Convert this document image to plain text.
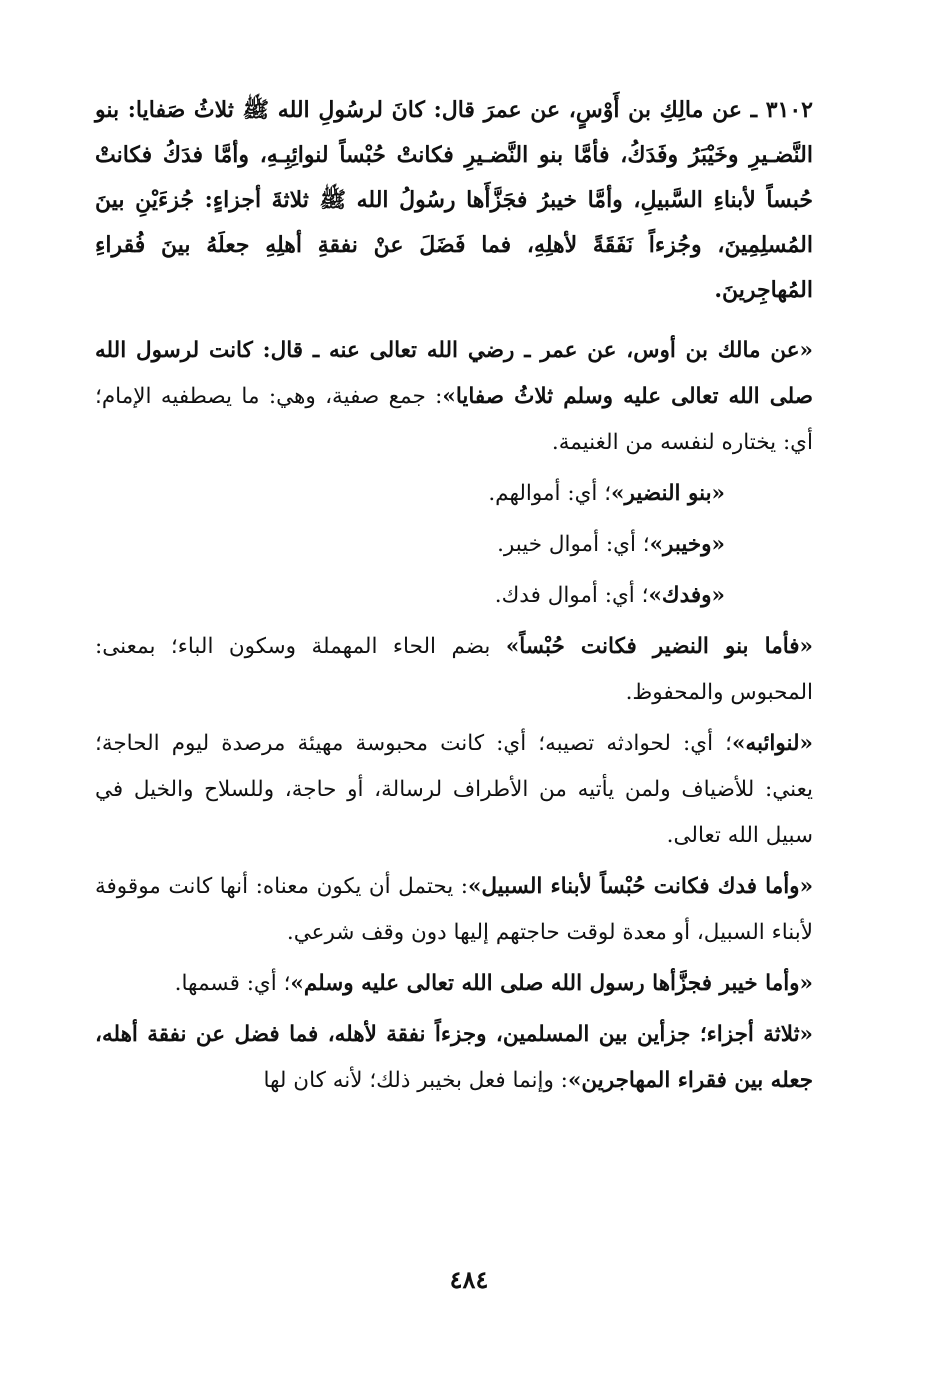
٣١٠٢ ـ عن مالِكِ بن أَوْسٍ، عن عمرَ قال: كانَ لرسُولِ الله ﷺ ثلاثُ صَفايا: بنو النَّضـيرِ وخَيْبَرُ وفَدَكُ، فأمَّا بنو النَّضـيرِ فكانتْ حُبْساً لنوائِبِـهِ، وأمَّا فدَكُ فكانتْ حُبساً لأبناءِ السَّبيلِ، وأمَّا خيبرُ فجَزَّأَها رسُولُ الله ﷺ ثلاثةَ أجزاءٍ: جُزءَيْنِ بينَ المُسلِمِينَ، وجُزءاً نَفَقَةً لأهلِهِ، فما فَضَلَ عنْ نفقةِ أهلِهِ جعلَهُ بينَ فُقراءِ المُهاجِرينَ.

«عن مالك بن أوس، عن عمر ـ رضي الله تعالى عنه ـ قال: كانت لرسول الله صلى الله تعالى عليه وسلم ثلاثُ صفايا»: جمع صفية، وهي: ما يصطفيه الإمام؛ أي: يختاره لنفسه من الغنيمة.

«بنو النضير»؛ أي: أموالهم.

«وخيبر»؛ أي: أموال خيبر.

«وفدك»؛ أي: أموال فدك.

«فأما بنو النضير فكانت حُبْساً» بضم الحاء المهملة وسكون الباء؛ بمعنى: المحبوس والمحفوظ.

«لنوائبه»؛ أي: لحوادثه تصيبه؛ أي: كانت محبوسة مهيئة مرصدة ليوم الحاجة؛ يعني: للأضياف ولمن يأتيه من الأطراف لرسالة، أو حاجة، وللسلاح والخيل في سبيل الله تعالى.

«وأما فدك فكانت حُبْساً لأبناء السبيل»: يحتمل أن يكون معناه: أنها كانت موقوفة لأبناء السبيل، أو معدة لوقت حاجتهم إليها دون وقف شرعي.

«وأما خيبر فجزَّأها رسول الله صلى الله تعالى عليه وسلم»؛ أي: قسمها.

«ثلاثة أجزاء؛ جزأين بين المسلمين، وجزءاً نفقة لأهله، فما فضل عن نفقة أهله، جعله بين فقراء المهاجرين»: وإنما فعل بخيبر ذلك؛ لأنه كان لها

٤٨٤
